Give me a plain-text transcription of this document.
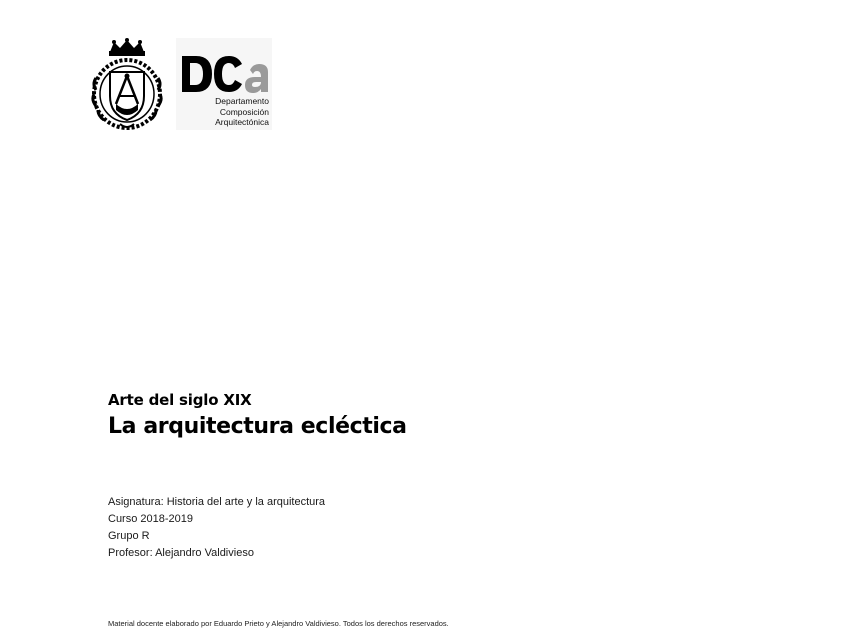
Departamento
Composición
Arquitectónica
Arte del siglo XIX
La arquitectura ecléctica
Asignatura: Historia del arte y la arquitectura
Curso 2018-2019
Grupo R
Profesor: Alejandro Valdivieso
Material docente elaborado por Eduardo Prieto y Alejandro Valdivieso. Todos los derechos reservados.
